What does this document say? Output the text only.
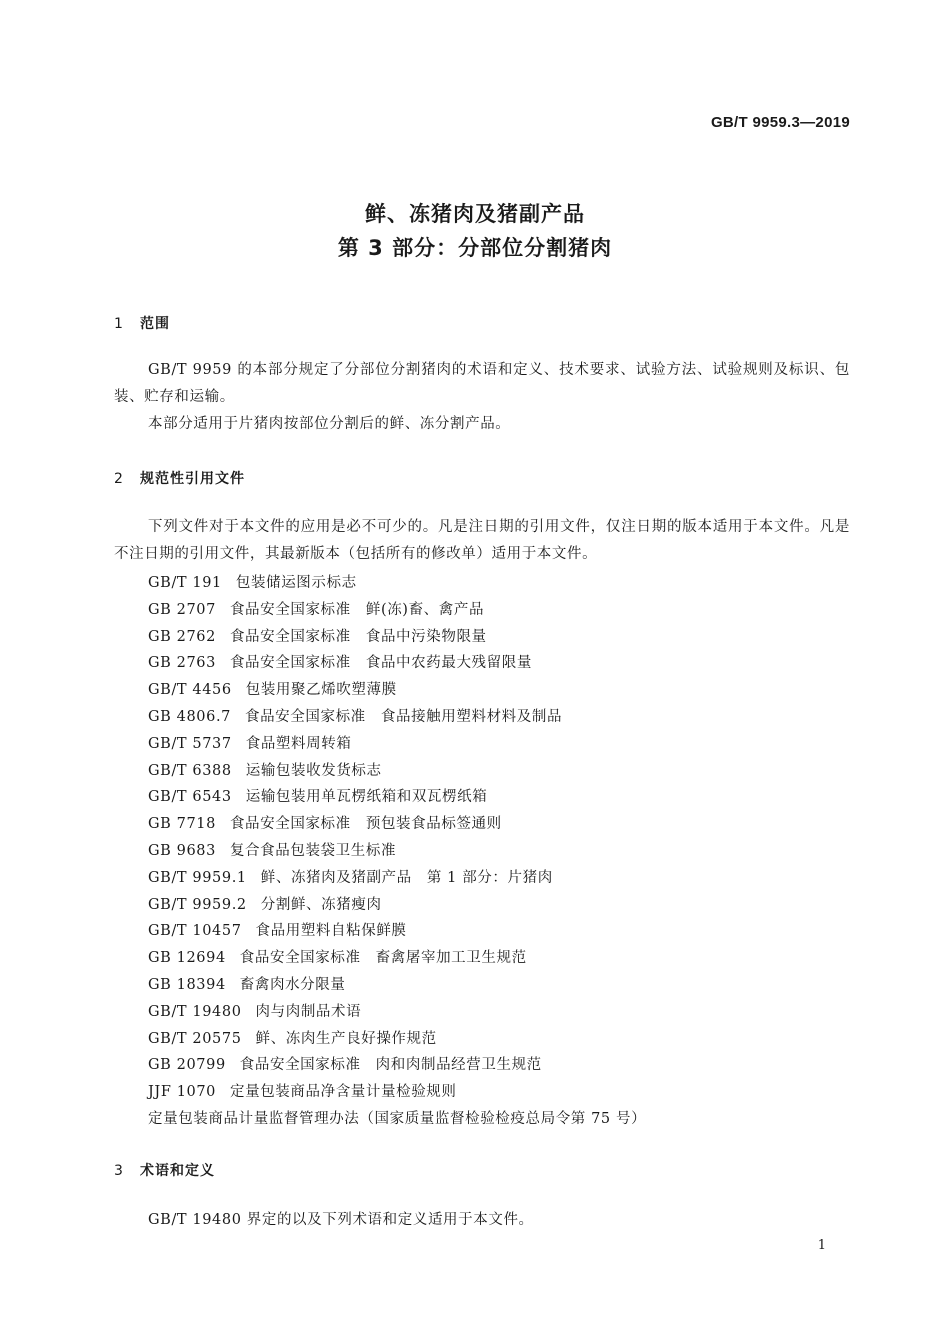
GB/T 9959.3—2019
鲜、冻猪肉及猪副产品
第 3 部分：分部位分割猪肉
1 范围

GB/T 9959 的本部分规定了分部位分割猪肉的术语和定义、技术要求、试验方法、试验规则及标识、包装、贮存和运输。

本部分适用于片猪肉按部位分割后的鲜、冻分割产品。

2 规范性引用文件

下列文件对于本文件的应用是必不可少的。凡是注日期的引用文件，仅注日期的版本适用于本文件。凡是不注日期的引用文件，其最新版本（包括所有的修改单）适用于本文件。

GB/T 191 包装储运图示标志
GB 2707 食品安全国家标准　鲜(冻)畜、禽产品
GB 2762 食品安全国家标准　食品中污染物限量
GB 2763 食品安全国家标准　食品中农药最大残留限量
GB/T 4456 包装用聚乙烯吹塑薄膜
GB 4806.7 食品安全国家标准　食品接触用塑料材料及制品
GB/T 5737 食品塑料周转箱
GB/T 6388 运输包装收发货标志
GB/T 6543 运输包装用单瓦楞纸箱和双瓦楞纸箱
GB 7718 食品安全国家标准　预包装食品标签通则
GB 9683 复合食品包装袋卫生标准
GB/T 9959.1 鲜、冻猪肉及猪副产品　第 1 部分：片猪肉
GB/T 9959.2 分割鲜、冻猪瘦肉
GB/T 10457 食品用塑料自粘保鲜膜
GB 12694 食品安全国家标准　畜禽屠宰加工卫生规范
GB 18394 畜禽肉水分限量
GB/T 19480 肉与肉制品术语
GB/T 20575 鲜、冻肉生产良好操作规范
GB 20799 食品安全国家标准　肉和肉制品经营卫生规范
JJF 1070 定量包装商品净含量计量检验规则
定量包装商品计量监督管理办法（国家质量监督检验检疫总局令第 75 号）
3 术语和定义

GB/T 19480 界定的以及下列术语和定义适用于本文件。

1
